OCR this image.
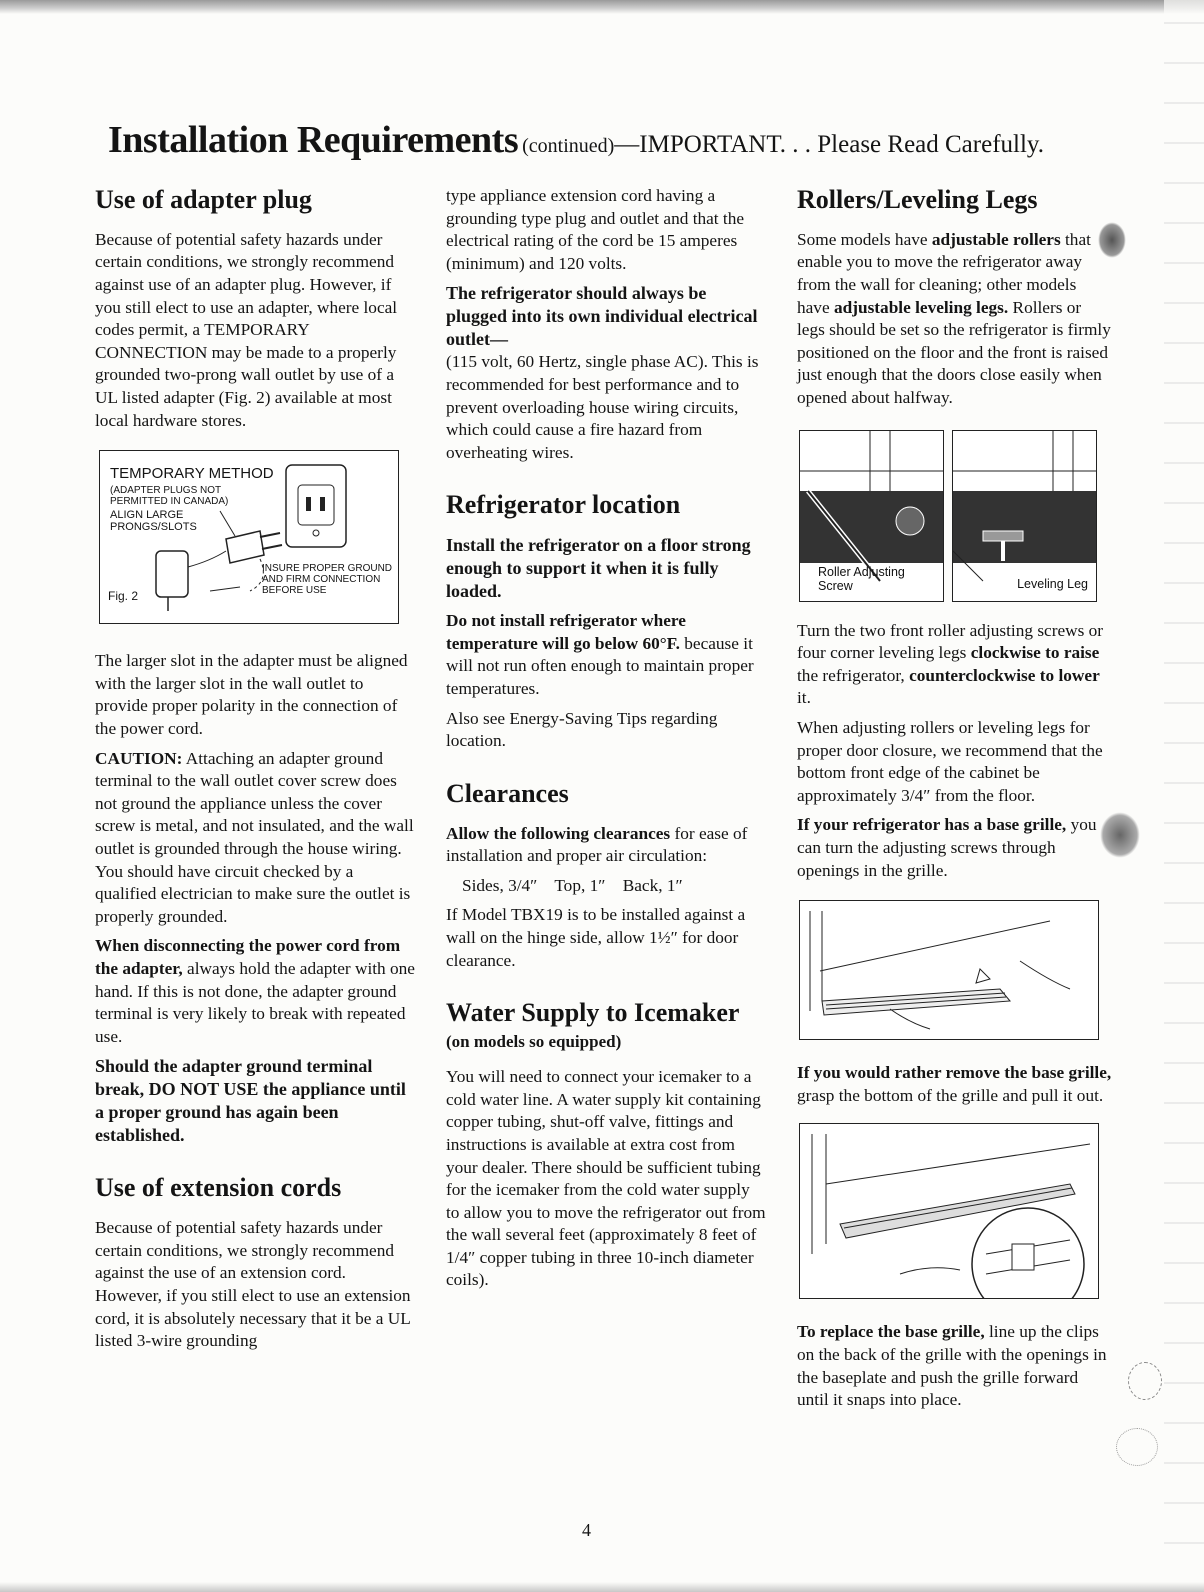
Installation Requirements (continued)—IMPORTANT. . . Please Read Carefully.
Use of adapter plug

Because of potential safety hazards under certain conditions, we strongly recommend against use of an adapter plug. However, if you still elect to use an adapter, where local codes permit, a TEMPORARY CONNECTION may be made to a properly grounded two-prong wall outlet by use of a UL listed adapter (Fig. 2) available at most local hardware stores.

TEMPORARY METHOD
(ADAPTER PLUGS NOT PERMITTED IN CANADA)
ALIGN LARGE PRONGS/SLOTS
INSURE PROPER GROUND AND FIRM CONNECTION BEFORE USE
Fig. 2

The larger slot in the adapter must be aligned with the larger slot in the wall outlet to provide proper polarity in the connection of the power cord.

CAUTION: Attaching an adapter ground terminal to the wall outlet cover screw does not ground the appliance unless the cover screw is metal, and not insulated, and the wall outlet is grounded through the house wiring. You should have circuit checked by a qualified electrician to make sure the outlet is properly grounded.

When disconnecting the power cord from the adapter, always hold the adapter with one hand. If this is not done, the adapter ground terminal is very likely to break with repeated use.

Should the adapter ground terminal break, DO NOT USE the appliance until a proper ground has again been established.

Use of extension cords

Because of potential safety hazards under certain conditions, we strongly recommend against the use of an extension cord. However, if you still elect to use an extension cord, it is absolutely necessary that it be a UL listed 3-wire grounding

type appliance extension cord having a grounding type plug and outlet and that the electrical rating of the cord be 15 amperes (minimum) and 120 volts.

The refrigerator should always be plugged into its own individual electrical outlet—

(115 volt, 60 Hertz, single phase AC). This is recommended for best performance and to prevent overloading house wiring circuits, which could cause a fire hazard from overheating wires.

Refrigerator location

Install the refrigerator on a floor strong enough to support it when it is fully loaded.

Do not install refrigerator where temperature will go below 60°F. because it will not run often enough to maintain proper temperatures.

Also see Energy-Saving Tips regarding location.

Clearances

Allow the following clearances for ease of installation and proper air circulation:

Sides, 3/4″    Top, 1″    Back, 1″

If Model TBX19 is to be installed against a wall on the hinge side, allow 1½″ for door clearance.

Water Supply to Icemaker
(on models so equipped)

You will need to connect your icemaker to a cold water line. A water supply kit containing copper tubing, shut-off valve, fittings and instructions is available at extra cost from your dealer. There should be sufficient tubing for the icemaker from the cold water supply to allow you to move the refrigerator out from the wall several feet (approximately 8 feet of 1/4″ copper tubing in three 10-inch diameter coils).

Rollers/Leveling Legs

Some models have adjustable rollers that enable you to move the refrigerator away from the wall for cleaning; other models have adjustable leveling legs. Rollers or legs should be set so the refrigerator is firmly positioned on the floor and the front is raised just enough that the doors close easily when opened about halfway.

Roller Adjusting Screw	Leveling Leg

Turn the two front roller adjusting screws or four corner leveling legs clockwise to raise the refrigerator, counterclockwise to lower it.

When adjusting rollers or leveling legs for proper door closure, we recommend that the bottom front edge of the cabinet be approximately 3/4″ from the floor.

If your refrigerator has a base grille, you can turn the adjusting screws through openings in the grille.

If you would rather remove the base grille, grasp the bottom of the grille and pull it out.

To replace the base grille, line up the clips on the back of the grille with the openings in the baseplate and push the grille forward until it snaps into place.

4
